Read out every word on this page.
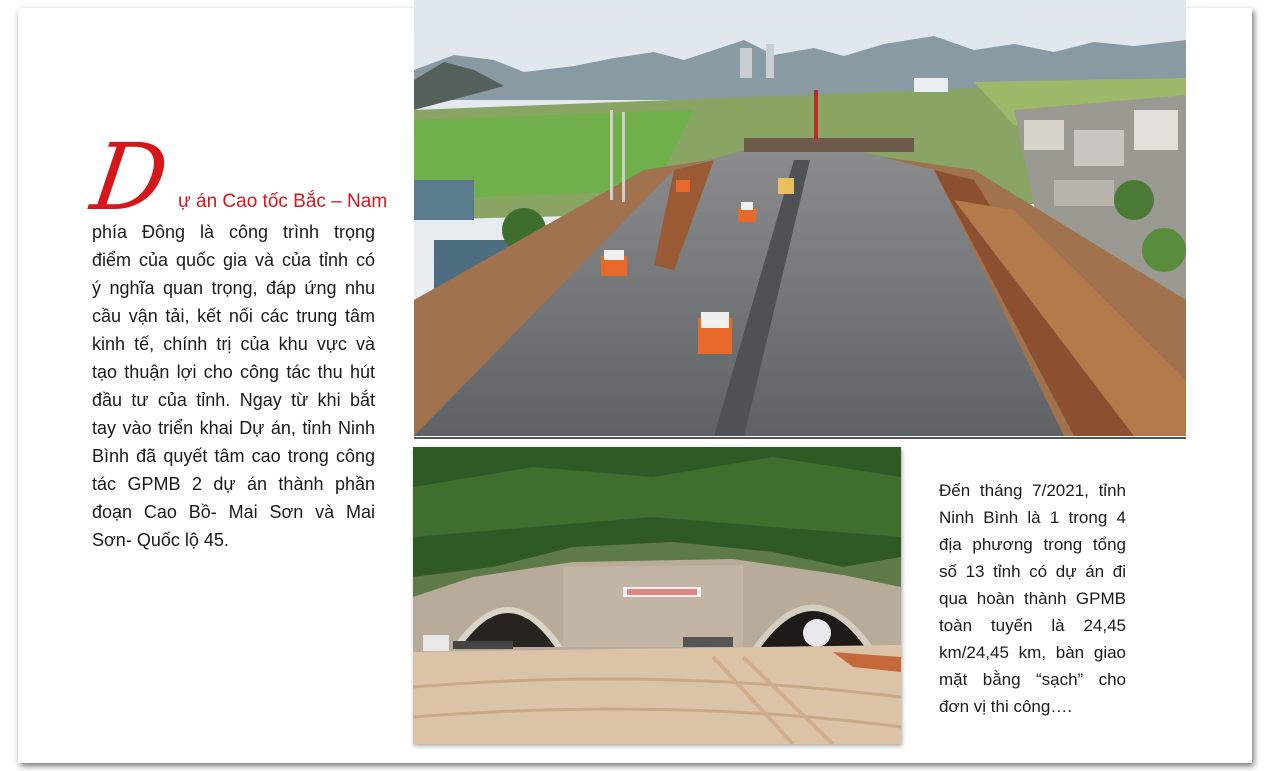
D ự án Cao tốc Bắc – Nam
phía Đông là công trình trọng
điểm của quốc gia và của tỉnh có
ý nghĩa quan trọng, đáp ứng nhu
cầu vận tải, kết nối các trung tâm
kinh tế, chính trị của khu vực và
tạo thuận lợi cho công tác thu hút
đầu tư của tỉnh. Ngay từ khi bắt
tay vào triển khai Dự án, tỉnh Ninh
Bình đã quyết tâm cao trong công
tác GPMB 2 dự án thành phần
đoạn Cao Bồ- Mai Sơn và Mai
Sơn- Quốc lộ 45.
Đến tháng 7/2021, tỉnh
Ninh Bình là 1 trong 4
địa phương trong tổng
số 13 tỉnh có dự án đi
qua hoàn thành GPMB
toàn tuyến là 24,45
km/24,45 km, bàn giao
mặt bằng “sạch” cho
đơn vị thi công….
